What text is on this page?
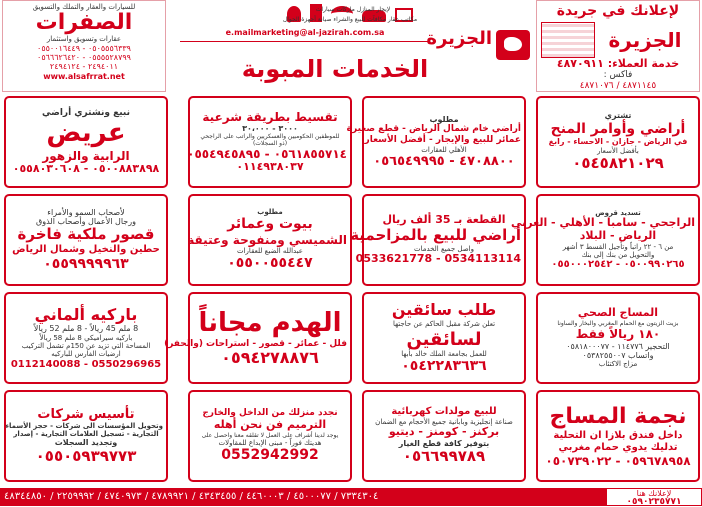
للسيارات والعقار والتملك والتسويق
الصفرات
عقارات وتسويق واستثمار
٠٥٠٥٥٥٦٣٣٩ - ٠٥٥٠٠١٦٤٤٩
٠٥٥٥٥٢٨٧٩٩ - ٠٥٦٦٦٢٦٤٢٠
٢٤٩٤٠١١ - ٢٤٩٤١٢٤
www.alsafrrat.net

لإيجار المنازل ماركات سيارات
مكاتب عقار مكافآت للبيع والشراء صيانة أجهزة الجوال
e.mailmarketing@al-jazirah.com.sa	الجزيرة
الخدمات المبوبة
لإعلانك في جريدة
الجزيرة
خدمة العملاء: ٤٨٧٠٩١١
فاكس :
٤٨٧١١٤٥ / ٤٨٧١٠٧٦
تشتري
أراضي وأوامر المنح
في الرياض - جازان - الاحساء - رابغ
بأفضل الأسعار
٠٥٤٥٨٢١٠٢٩
مطلوب
أراضي خام شمال الرياض - قطع صغيرة
عمائر للبيع والإيجار - أفضل الأسعار
الأهلي للعقارات
٤٧٠٨٨٠٠ - ٠٥٦٥٤٩٩٩٥
تقسيط بطريقة شرعية
٣٠٠٠ - ٣٠،٠٠٠
للموظفين الحكوميين والعسكريين والراتب على الراجحي
(ذو السجلات)
٠٥٦١٨٥٥٧١٤ - ٠٥٥٤٩٤٥٨٩٥
٠١١٤٩٣٨٠٣٧
نبيع ونشتري أراضي
عريض
الرابية والزهور
٠٥٠٠٨٨٣٨٩٨ - ٠٥٥٨٠٣٠٦٠٨
تسديد قروض
الراجحي - سامبا - الأهلي - العربي
الرياض - البلاد
من ٦ - ٢٢ راتباً وتأجيل القسط ٣ أشهر
والتحويل من بنك إلى بنك
٠٥٠٠٩٩٠٢٦٥ - ٠٥٥٠٠٠٢٥٤٢
القطعة بـ 35 ألف ريال
أراضي للبيع بالمزاحمية
واصل جميع الخدمات
0534113114 - 0533621778
مطلوب
بيوت وعمائر
الشميسي ومنفوحة وعتيقة
عبدالله الضبع للعقارات
٠٥٥٠٠٥٥٤٤٧
لأصحاب السمو والأمراء
ورجال الأعمال وأصحاب الذوق
قصور ملكية فاخرة
حطين والنخيل وشمال الرياض
٠٥٥٩٩٩٩٩٦٣
المساج الصحي
بزيت الزيتون مع الحمام المغربي والبخار والساونا
١٨٠ ريالاً فقط
التحجير ١١٤٧٧٦ - ٠٥٨١٨٠٠٠٧٧
واتساب ٠٥٣٨٢٥٥٠٠٧
مزاج الاكتئاب
طلب سائقين
تعلن شركة مقبل الحاكم عن حاجتها
لسائقين
للعمل بجامعة الملك خالد بأبها
٠٥٤٢٢٨٣٦٣٦
الهدم مجاناً
فلل - عمائر - قصور - استراحات (والحفر)
٠٥٩٤٢٧٨٨٧٦
باركيه ألماني
8 ملم 45 ريالاً - 8 ملم 52 ريالاً
باركيه سيراميكي 8 ملم 58 ريالاً
المساحة التي تزيد عن 150م تشمل التركيب
ارضيات الفارس للباركيه
0550296965 - 0112140088
نجمة المساج
داخل فندق بلازا ان التحلية
تدليك يدوي حمام مغربي
٠٥٩٦٧٨٩٥٨ - ٠٥٠٧٣٩٠٢٢
للبيع مولدات كهربائية
صناعة إنجليزية وبابانية جميع الأحجام مع الضمان
بركنز - كومنز - ديتيو
بتوفير كافة قطع الغيار
٠٥٦٦٩٩٧٨٩
نجدد منزلك من الداخل والخارج
الترميم فن نحن أهله
يوجد لدينا أشراف على العمل لا تقلقه معنا واحصل على
هديتك فوراً - مبنى الإبداع للمقاولات
0552942992
تأسيس شركات
وتحويل المؤسسات الى شركات - حجز الأسماء
التجارية - تسجيل العلامات التجارية - إصدار
وتجديد السجلات
٠٥٥٠٥٩٣٩٧٧٣
٧٣٣٤٣٠٤ / ٤٥٠٠٠٧٧ / ٤٤٦٠٠٠٣ / ٤٣٤٣٤٥٥ / ٤٧٨٩٩٢١ / ٤٧٤٠٩٧٣ / ٢٢٥٩٩٩٢ / ٤٨٣٤٤٨٥٠	لإعلانك هنا
٠٥٩٠٢٣٥٧٧١
